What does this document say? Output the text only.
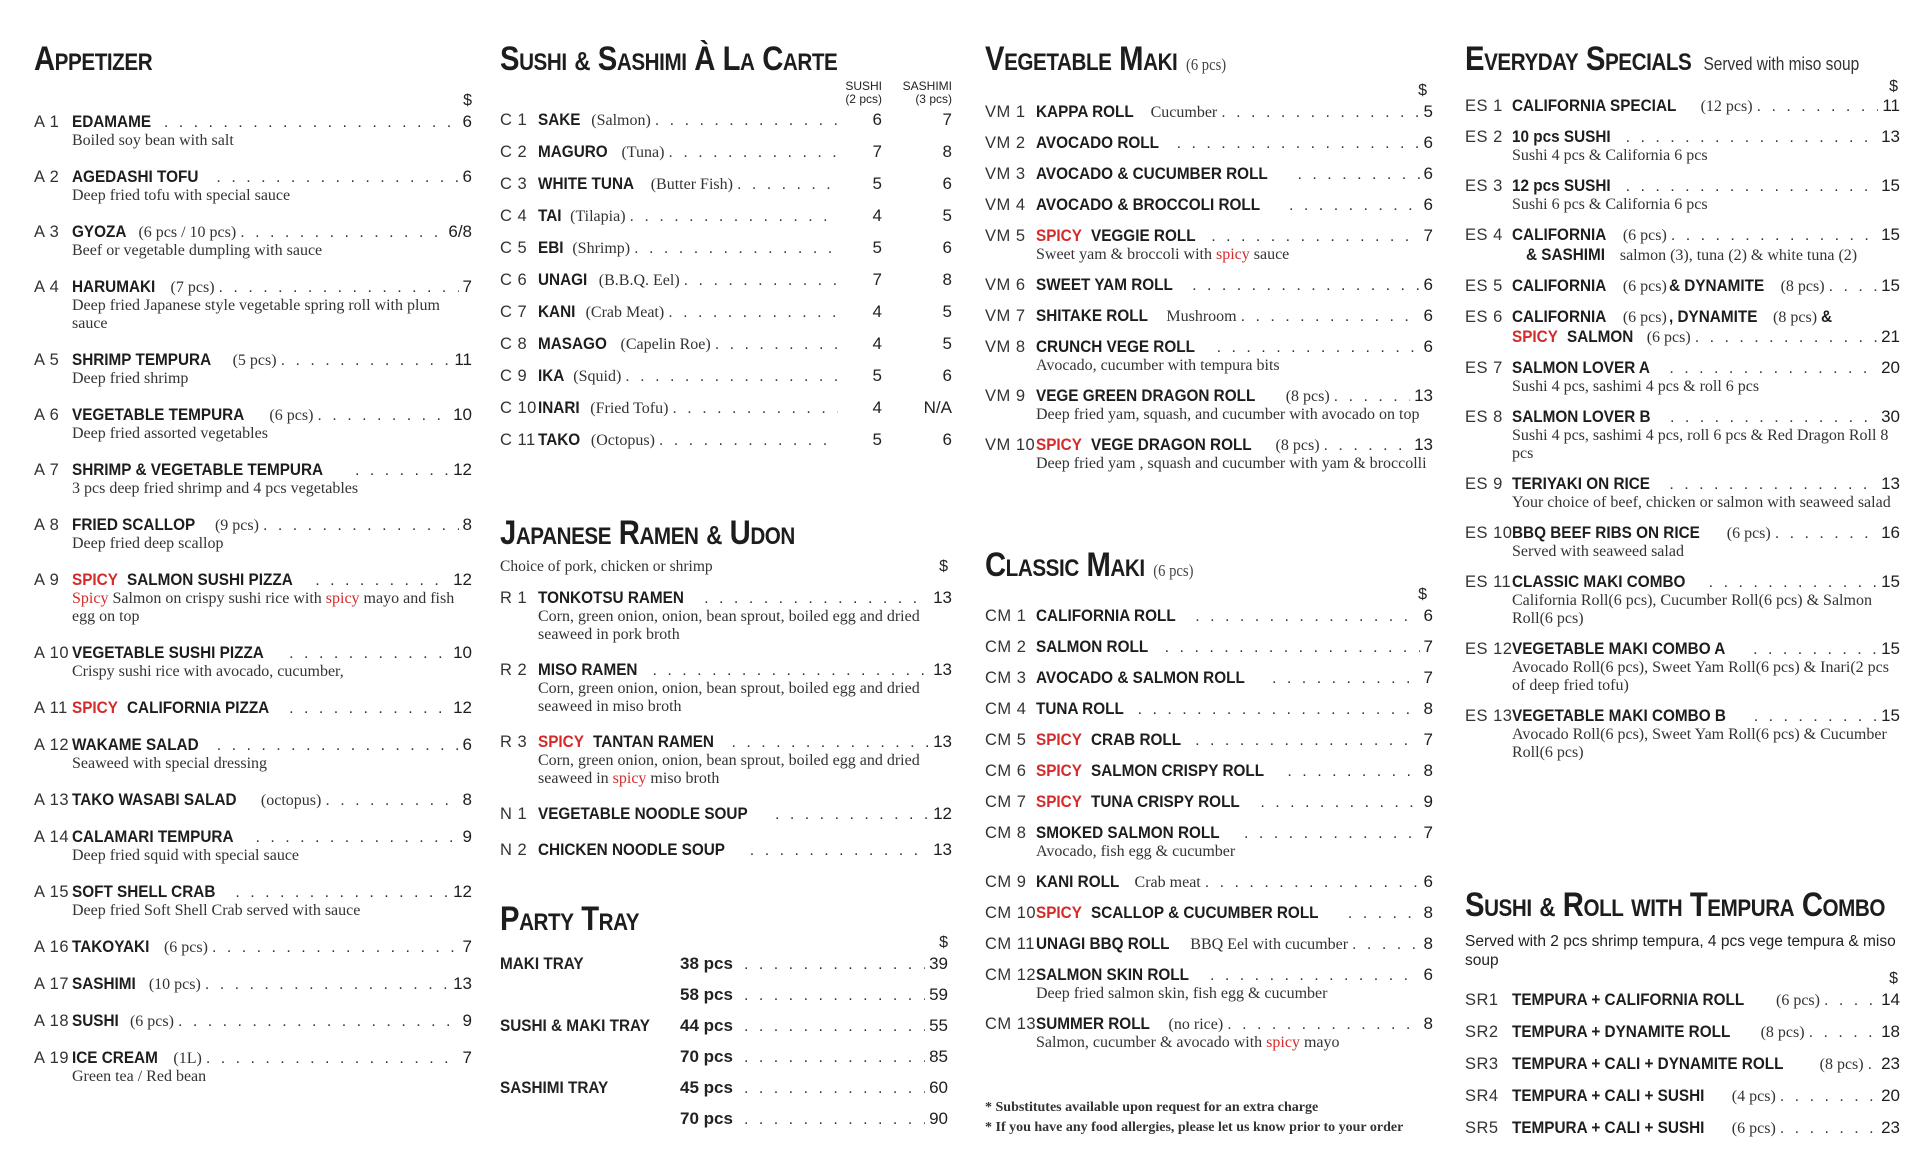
Appetizer
$
A 1 EDAMAME . . .	6
Boiled soy bean with salt
A 2 AGEDASHI TOFU . . .	6
Deep fried tofu with special sauce
A 3 GYOZA (6 pcs / 10 pcs) . . .	6/8
Beef or vegetable dumpling with sauce
A 4 HARUMAKI (7 pcs) . . .	7
Deep fried Japanese style vegetable spring roll with plum sauce
A 5 SHRIMP TEMPURA (5 pcs) . . .	11
Deep fried shrimp
A 6 VEGETABLE TEMPURA (6 pcs) . . .	10
Deep fried assorted vegetables
A 7 SHRIMP & VEGETABLE TEMPURA . . .	12
3 pcs deep fried shrimp and 4 pcs vegetables
A 8 FRIED SCALLOP (9 pcs) . . .	8
Deep fried deep scallop
A 9 SPICY SALMON SUSHI PIZZA . . .	12
Spicy Salmon on crispy sushi rice with spicy mayo and fish egg on top
A 10 VEGETABLE SUSHI PIZZA . . .	10
Crispy sushi rice with avocado, cucumber,
A 11 SPICY CALIFORNIA PIZZA . . .	12
A 12 WAKAME SALAD . . .	6
Seaweed with special dressing
A 13 TAKO WASABI SALAD (octopus) . . .	8
A 14 CALAMARI TEMPURA . . .	9
Deep fried squid with special sauce
A 15 SOFT SHELL CRAB . . .	12
Deep fried Soft Shell Crab served with sauce
A 16 TAKOYAKI (6 pcs) . . .	7
A 17 SASHIMI (10 pcs) . . .	13
A 18 SUSHI (6 pcs) . . .	9
A 19 ICE CREAM (1L) . . .	7
Green tea / Red bean
Sushi & Sashimi À La Carte
SUSHI
(2 pcs)
SASHIMI
(3 pcs)
C 1 SAKE (Salmon) . . .	6	7
C 2 MAGURO (Tuna) . . .	7	8
C 3 WHITE TUNA (Butter Fish) . . .	5	6
C 4 TAI (Tilapia) . . .	4	5
C 5 EBI (Shrimp) . . .	5	6
C 6 UNAGI (B.B.Q. Eel) . . .	7	8
C 7 KANI (Crab Meat) . . .	4	5
C 8 MASAGO (Capelin Roe) . . .	4	5
C 9 IKA (Squid) . . .	5	6
C 10 INARI (Fried Tofu) . . .	4	N/A
C 11 TAKO (Octopus) . . .	5	6
Japanese Ramen & Udon
Choice of pork, chicken or shrimp	$
R 1 TONKOTSU RAMEN . . .	13
Corn, green onion, onion, bean sprout, boiled egg and dried seaweed in pork broth
R 2 MISO RAMEN . . .	13
Corn, green onion, onion, bean sprout, boiled egg and dried seaweed in miso broth
R 3 SPICY TANTAN RAMEN . . .	13
Corn, green onion, onion, bean sprout, boiled egg and dried seaweed in spicy miso broth
N 1 VEGETABLE NOODLE SOUP . . .	12
N 2 CHICKEN NOODLE SOUP . . .	13
Party Tray
$
MAKI TRAY	38 pcs . . .	39
58 pcs . . .	59
SUSHI & MAKI TRAY	44 pcs . . .	55
70 pcs . . .	85
SASHIMI TRAY	45 pcs . . .	60
70 pcs . . .	90
Vegetable Maki (6 pcs)
$
VM 1 KAPPA ROLL Cucumber . . .	5
VM 2 AVOCADO ROLL . . .	6
VM 3 AVOCADO & CUCUMBER ROLL . . .	6
VM 4 AVOCADO & BROCCOLI ROLL . . .	6
VM 5 SPICY VEGGIE ROLL . . .	7
Sweet yam & broccoli with spicy sauce
VM 6 SWEET YAM ROLL . . .	6
VM 7 SHITAKE ROLL Mushroom . . .	6
VM 8 CRUNCH VEGE ROLL . . .	6
Avocado, cucumber with tempura bits
VM 9 VEGE GREEN DRAGON ROLL (8 pcs) . . .	13
Deep fried yam, squash, and cucumber with avocado on top
VM 10 SPICY VEGE DRAGON ROLL (8 pcs) . . .	13
Deep fried yam , squash and cucumber with yam & broccolli
Classic Maki (6 pcs)
$
CM 1 CALIFORNIA ROLL . . .	6
CM 2 SALMON ROLL . . .	7
CM 3 AVOCADO & SALMON ROLL . . .	7
CM 4 TUNA ROLL . . .	8
CM 5 SPICY CRAB ROLL . . .	7
CM 6 SPICY SALMON CRISPY ROLL . . .	8
CM 7 SPICY TUNA CRISPY ROLL . . .	9
CM 8 SMOKED SALMON ROLL . . .	7
Avocado, fish egg & cucumber
CM 9 KANI ROLL Crab meat . . .	6
CM 10 SPICY SCALLOP & CUCUMBER ROLL . . .	8
CM 11 UNAGI BBQ ROLL BBQ Eel with cucumber . . .	8
CM 12 SALMON SKIN ROLL . . .	6
Deep fried salmon skin, fish egg & cucumber
CM 13 SUMMER ROLL (no rice) . . .	8
Salmon, cucumber & avocado with spicy mayo
* Substitutes available upon request for an extra charge
* If you have any food allergies, please let us know prior to your order
Everyday Specials Served with miso soup
$
ES 1 CALIFORNIA SPECIAL (12 pcs) . . .	11
ES 2 10 pcs SUSHI . . .	13
Sushi 4 pcs & California 6 pcs
ES 3 12 pcs SUSHI . . .	15
Sushi 6 pcs & California 6 pcs
ES 4 CALIFORNIA (6 pcs) . . .	15
& SASHIMI salmon (3), tuna (2) & white tuna (2)
ES 5 CALIFORNIA (6 pcs) & DYNAMITE (8 pcs) . . .	15
ES 6 CALIFORNIA (6 pcs) , DYNAMITE (8 pcs) &
SPICY SALMON (6 pcs) . . .	21
ES 7 SALMON LOVER A . . .	20
Sushi 4 pcs, sashimi 4 pcs & roll 6 pcs
ES 8 SALMON LOVER B . . .	30
Sushi 4 pcs, sashimi 4 pcs, roll 6 pcs & Red Dragon Roll 8 pcs
ES 9 TERIYAKI ON RICE . . .	13
Your choice of beef, chicken or salmon with seaweed salad
ES 10 BBQ BEEF RIBS ON RICE (6 pcs) . . .	16
Served with seaweed salad
ES 11 CLASSIC MAKI COMBO . . .	15
California Roll(6 pcs), Cucumber Roll(6 pcs) & Salmon Roll(6 pcs)
ES 12 VEGETABLE MAKI COMBO A . . .	15
Avocado Roll(6 pcs), Sweet Yam Roll(6 pcs) & Inari(2 pcs of deep fried tofu)
ES 13 VEGETABLE MAKI COMBO B . . .	15
Avocado Roll(6 pcs), Sweet Yam Roll(6 pcs) & Cucumber Roll(6 pcs)
Sushi & Roll with Tempura Combo
Served with 2 pcs shrimp tempura, 4 pcs vege tempura & miso soup
$
SR1 TEMPURA + CALIFORNIA ROLL (6 pcs) . . .	14
SR2 TEMPURA + DYNAMITE ROLL (8 pcs) . . .	18
SR3 TEMPURA + CALI + DYNAMITE ROLL (8 pcs) . . . 23
SR4 TEMPURA + CALI + SUSHI (4 pcs) . . .	20
SR5 TEMPURA + CALI + SUSHI (6 pcs) . . .	23
